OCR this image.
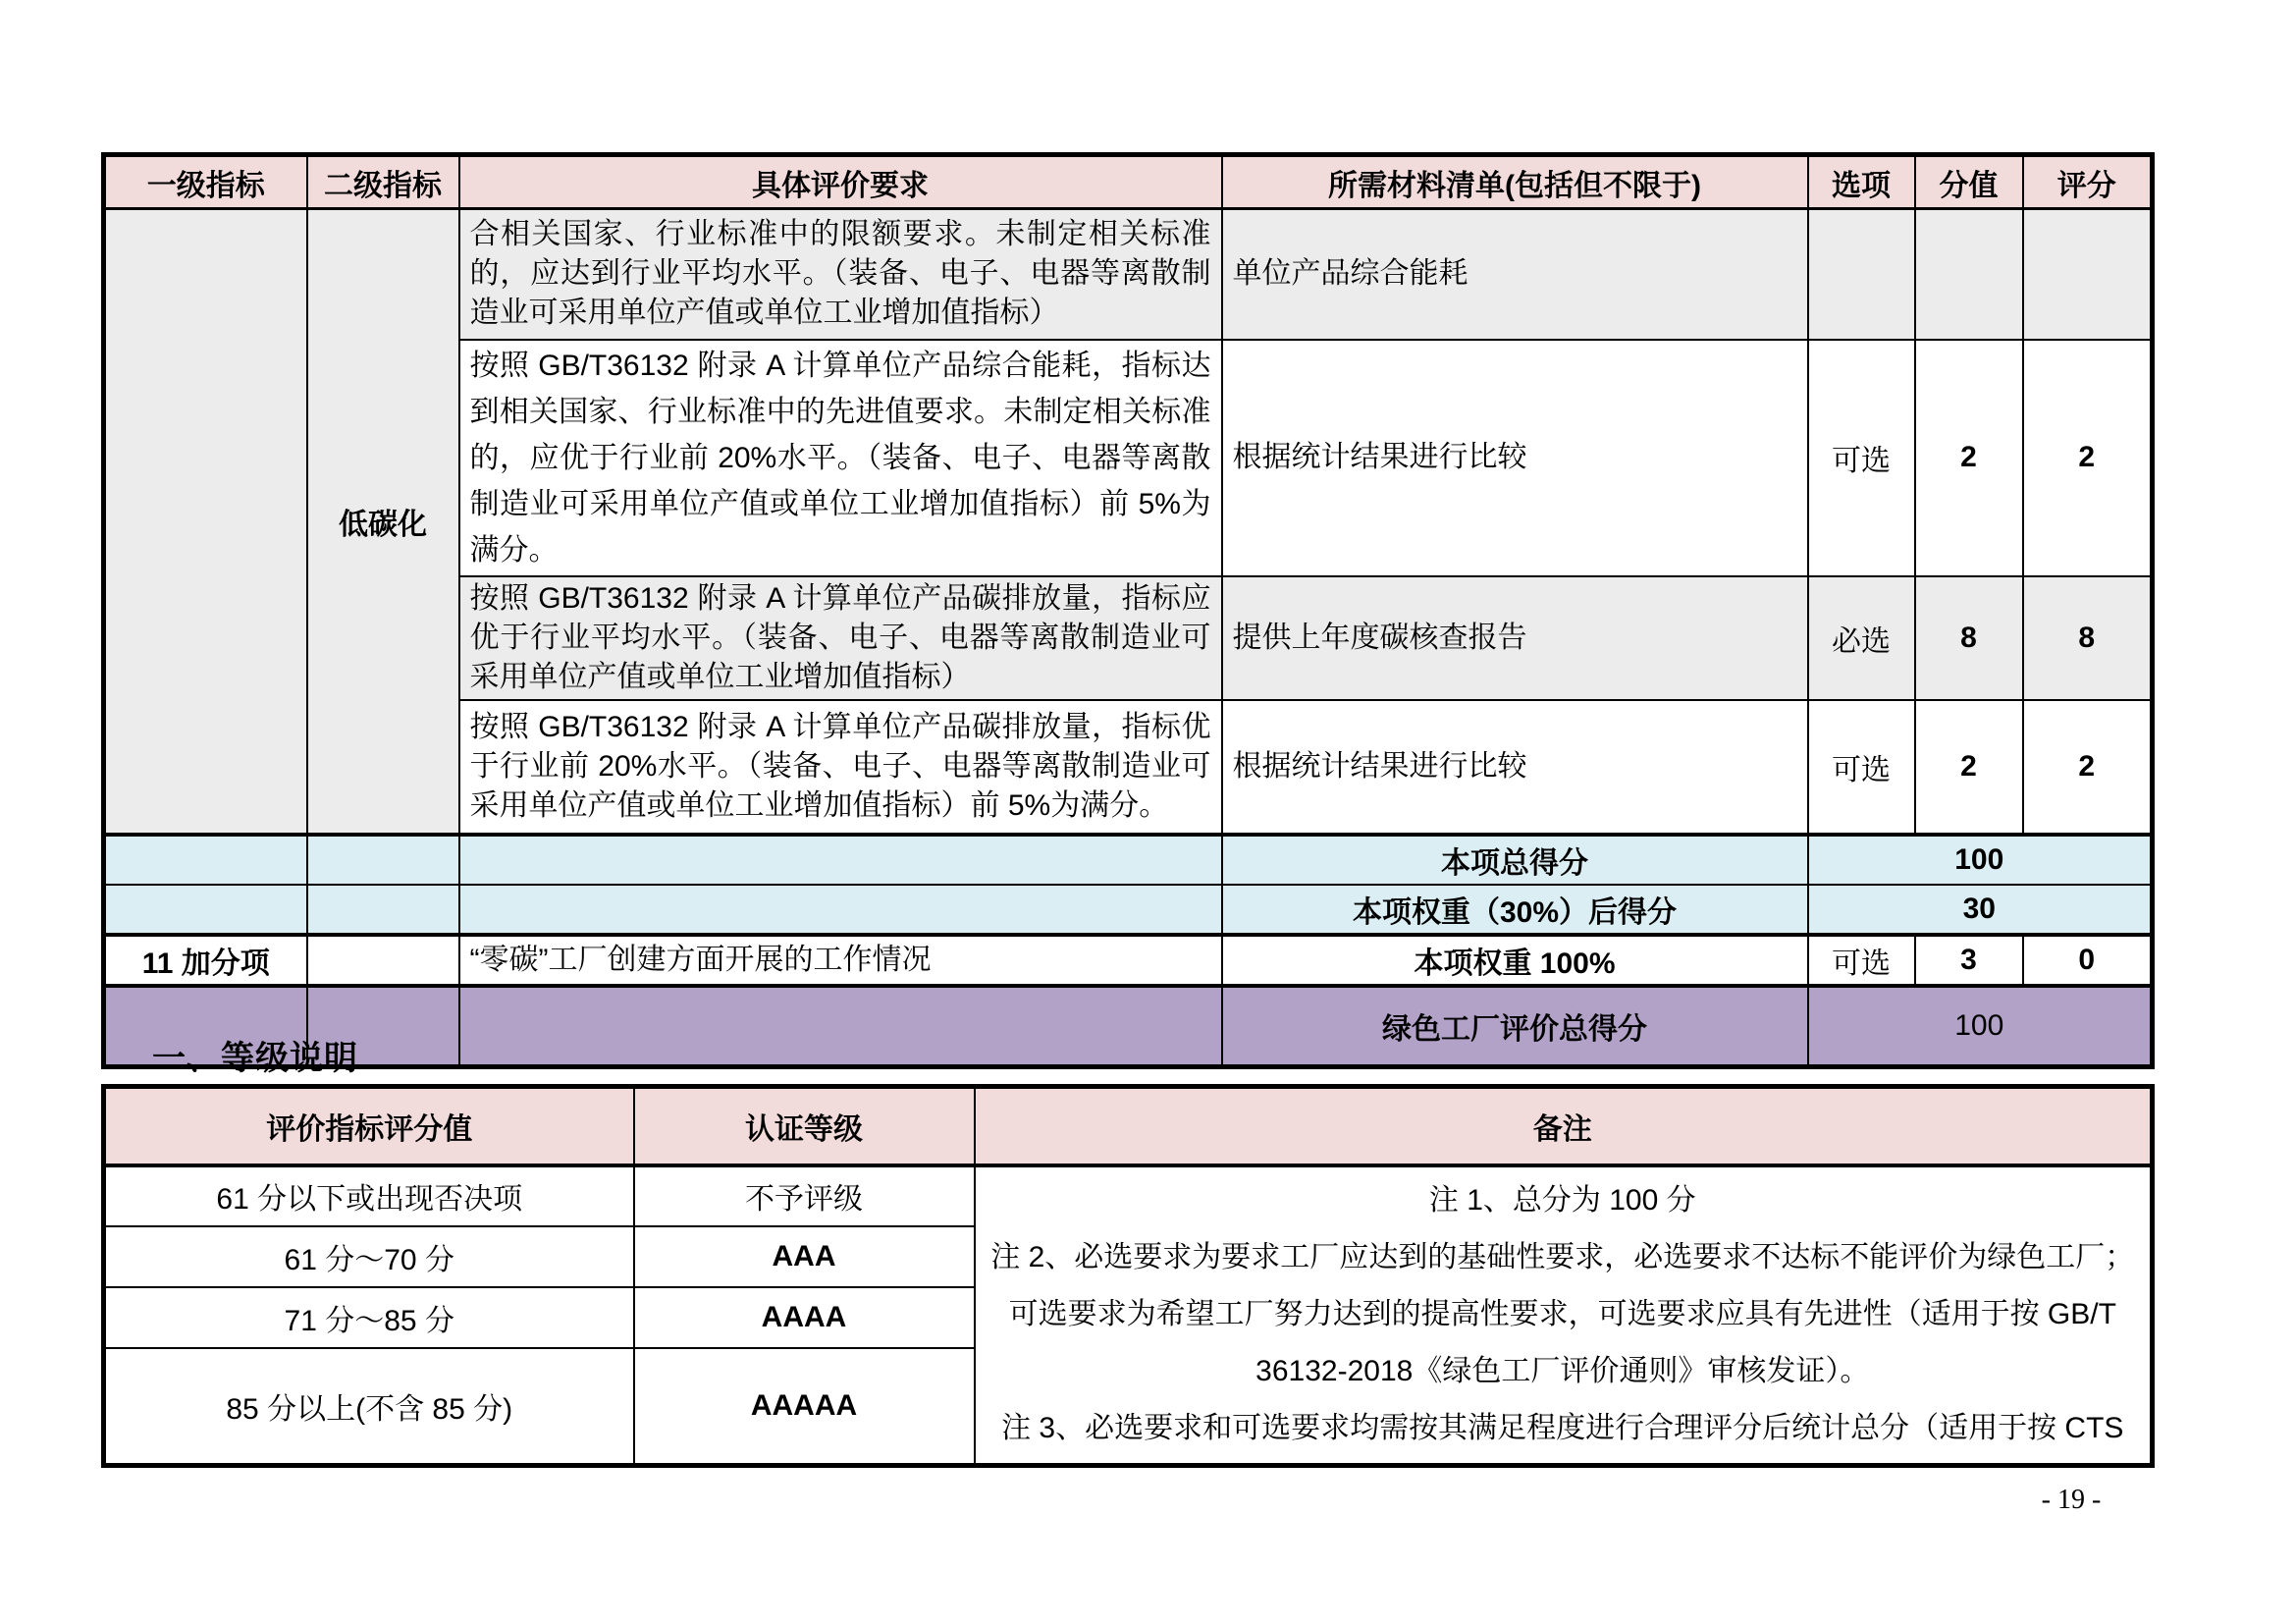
一级指标	二级指标	具体评价要求	所需材料清单(包括但不限于)	选项	分值	评分
	低碳化	合相关国家、行业标准中的限额要求。未制定相关标准的，应达到行业平均水平。（装备、电子、电器等离散制造业可采用单位产值或单位工业增加值指标）	单位产品综合能耗			
		按照 GB/T36132 附录 A 计算单位产品综合能耗，指标达到相关国家、行业标准中的先进值要求。未制定相关标准的，应优于行业前 20%水平。（装备、电子、电器等离散制造业可采用单位产值或单位工业增加值指标）前 5%为满分。	根据统计结果进行比较	可选	2	2
		按照 GB/T36132 附录 A 计算单位产品碳排放量，指标应优于行业平均水平。（装备、电子、电器等离散制造业可采用单位产值或单位工业增加值指标）	提供上年度碳核查报告	必选	8	8
		按照 GB/T36132 附录 A 计算单位产品碳排放量，指标优于行业前 20%水平。（装备、电子、电器等离散制造业可采用单位产值或单位工业增加值指标）前 5%为满分。	根据统计结果进行比较	可选	2	2
			本项总得分	100		
			本项权重（30%）后得分	30		
11 加分项		“零碳”工厂创建方面开展的工作情况	本项权重 100%	可选	3	0
			绿色工厂评价总得分	100		
一、等级说明
评价指标评分值	认证等级	备注
61 分以下或出现否决项	不予评级	注 1、总分为 100 分
注 2、必选要求为要求工厂应达到的基础性要求，必选要求不达标不能评价为绿色工厂；可选要求为希望工厂努力达到的提高性要求，可选要求应具有先进性（适用于按 GB/T 36132-2018《绿色工厂评价通则》审核发证）。
注 3、必选要求和可选要求均需按其满足程度进行合理评分后统计总分（适用于按 CTS

61 分～70 分	AAA	
71 分～85 分	AAAA	
85 分以上(不含 85 分)	AAAAA	
- 19 -
